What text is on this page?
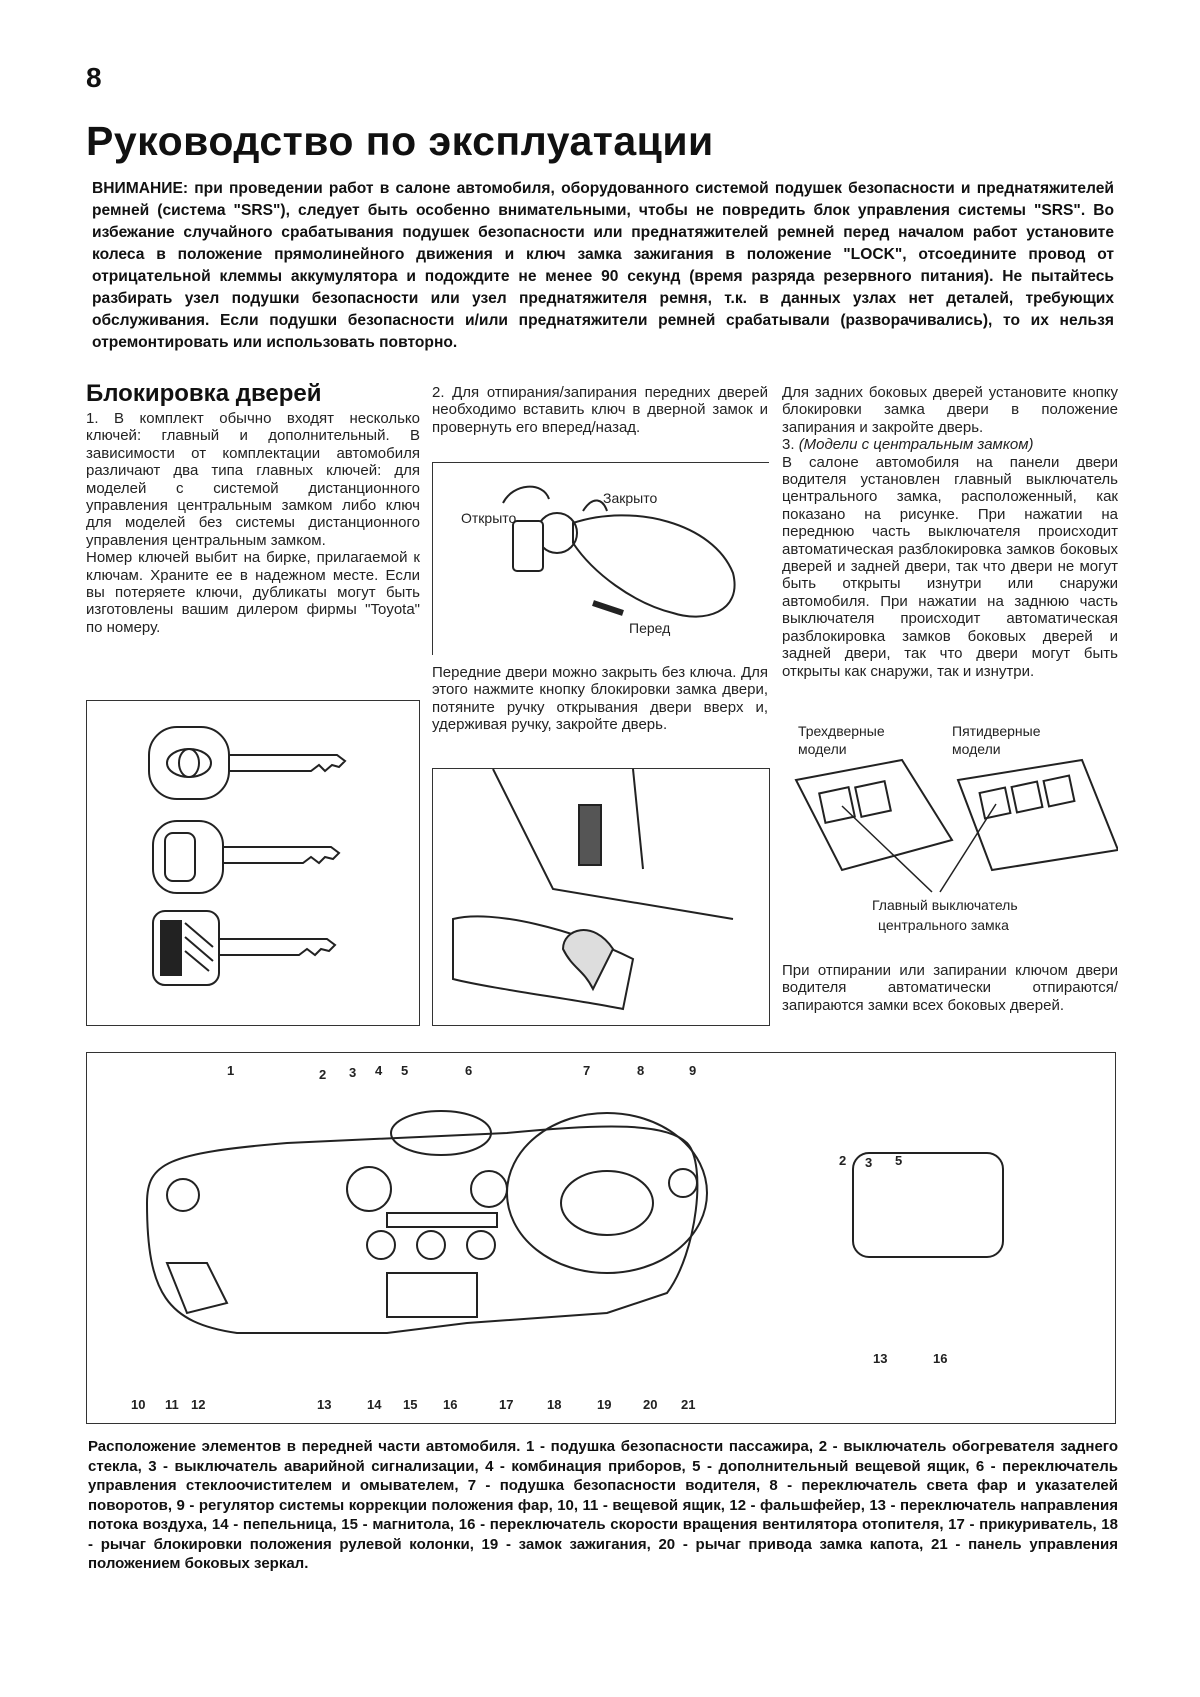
8
Руководство по эксплуатации
ВНИМАНИЕ: при проведении работ в салоне автомобиля, оборудованного системой подушек безопасности и преднатяжителей ремней (система "SRS"), следует быть особенно внимательными, чтобы не повредить блок управления системы "SRS". Во избежание случайного срабатывания подушек безопасности или преднатяжителей ремней перед началом работ установите колеса в положение прямолинейного движения и ключ замка зажигания в положение "LOCK", отсоедините провод от отрицательной клеммы аккумулятора и подождите не менее 90 секунд (время разряда резервного питания). Не пытайтесь разбирать узел подушки безопасности или узел преднатяжителя ремня, т.к. в данных узлах нет деталей, требующих обслуживания. Если подушки безопасности и/или преднатяжители ремней срабатывали (разворачивались), то их нельзя отремонтировать или использовать повторно.
Блокировка дверей

1. В комплект обычно входят несколько ключей: главный и дополнительный. В зависимости от комплектации автомобиля различают два типа главных ключей: для моделей с системой дистанционного управления центральным замком либо ключ для моделей без системы дистанционного управления центральным замком.

Номер ключей выбит на бирке, прилагаемой к ключам. Храните ее в надежном месте. Если вы потеряете ключи, дубликаты могут быть изготовлены вашим дилером фирмы "Toyota" по номеру.

2. Для отпирания/запирания передних дверей необходимо вставить ключ в дверной замок и провернуть его вперед/назад.

Открыто
Закрыто
Перед

Передние двери можно закрыть без ключа. Для этого нажмите кнопку блокировки замка двери, потяните ручку открывания двери вверх и, удерживая ручку, закройте дверь.

Для задних боковых дверей установите кнопку блокировки замка двери в положение запирания и закройте дверь.

3. (Модели с центральным замком)

В салоне автомобиля на панели двери водителя установлен главный выключатель центрального замка, расположенный, как показано на рисунке. При нажатии на переднюю часть выключателя происходит автоматическая разблокировка замков боковых дверей и задней двери, так что двери не могут быть открыты изнутри или снаружи автомобиля. При нажатии на заднюю часть выключателя происходит автоматическая разблокировка замков боковых дверей и задней двери, так что двери могут быть открыты как снаружи, так и изнутри.

Трехдверные
модели
Пятидверные
модели
Главный выключатель
центрального замка

При отпирании или запирании ключом двери водителя автоматически отпираются/запираются замки всех боковых дверей.

1	2 3 4 5	6	7	8	9
10 11 12	13	14 15 16	17	18	19 20 21
2 3 5
13	16
Расположение элементов в передней части автомобиля. 1 - подушка безопасности пассажира, 2 - выключатель обогревателя заднего стекла, 3 - выключатель аварийной сигнализации, 4 - комбинация приборов, 5 - дополнительный вещевой ящик, 6 - переключатель управления стеклоочистителем и омывателем, 7 - подушка безопасности водителя, 8 - переключатель света фар и указателей поворотов, 9 - регулятор системы коррекции положения фар, 10, 11 - вещевой ящик, 12 - фальшфейер, 13 - переключатель направления потока воздуха, 14 - пепельница, 15 - магнитола, 16 - переключатель скорости вращения вентилятора отопителя, 17 - прикуриватель, 18 - рычаг блокировки положения рулевой колонки, 19 - замок зажигания, 20 - рычаг привода замка капота, 21 - панель управления положением боковых зеркал.
